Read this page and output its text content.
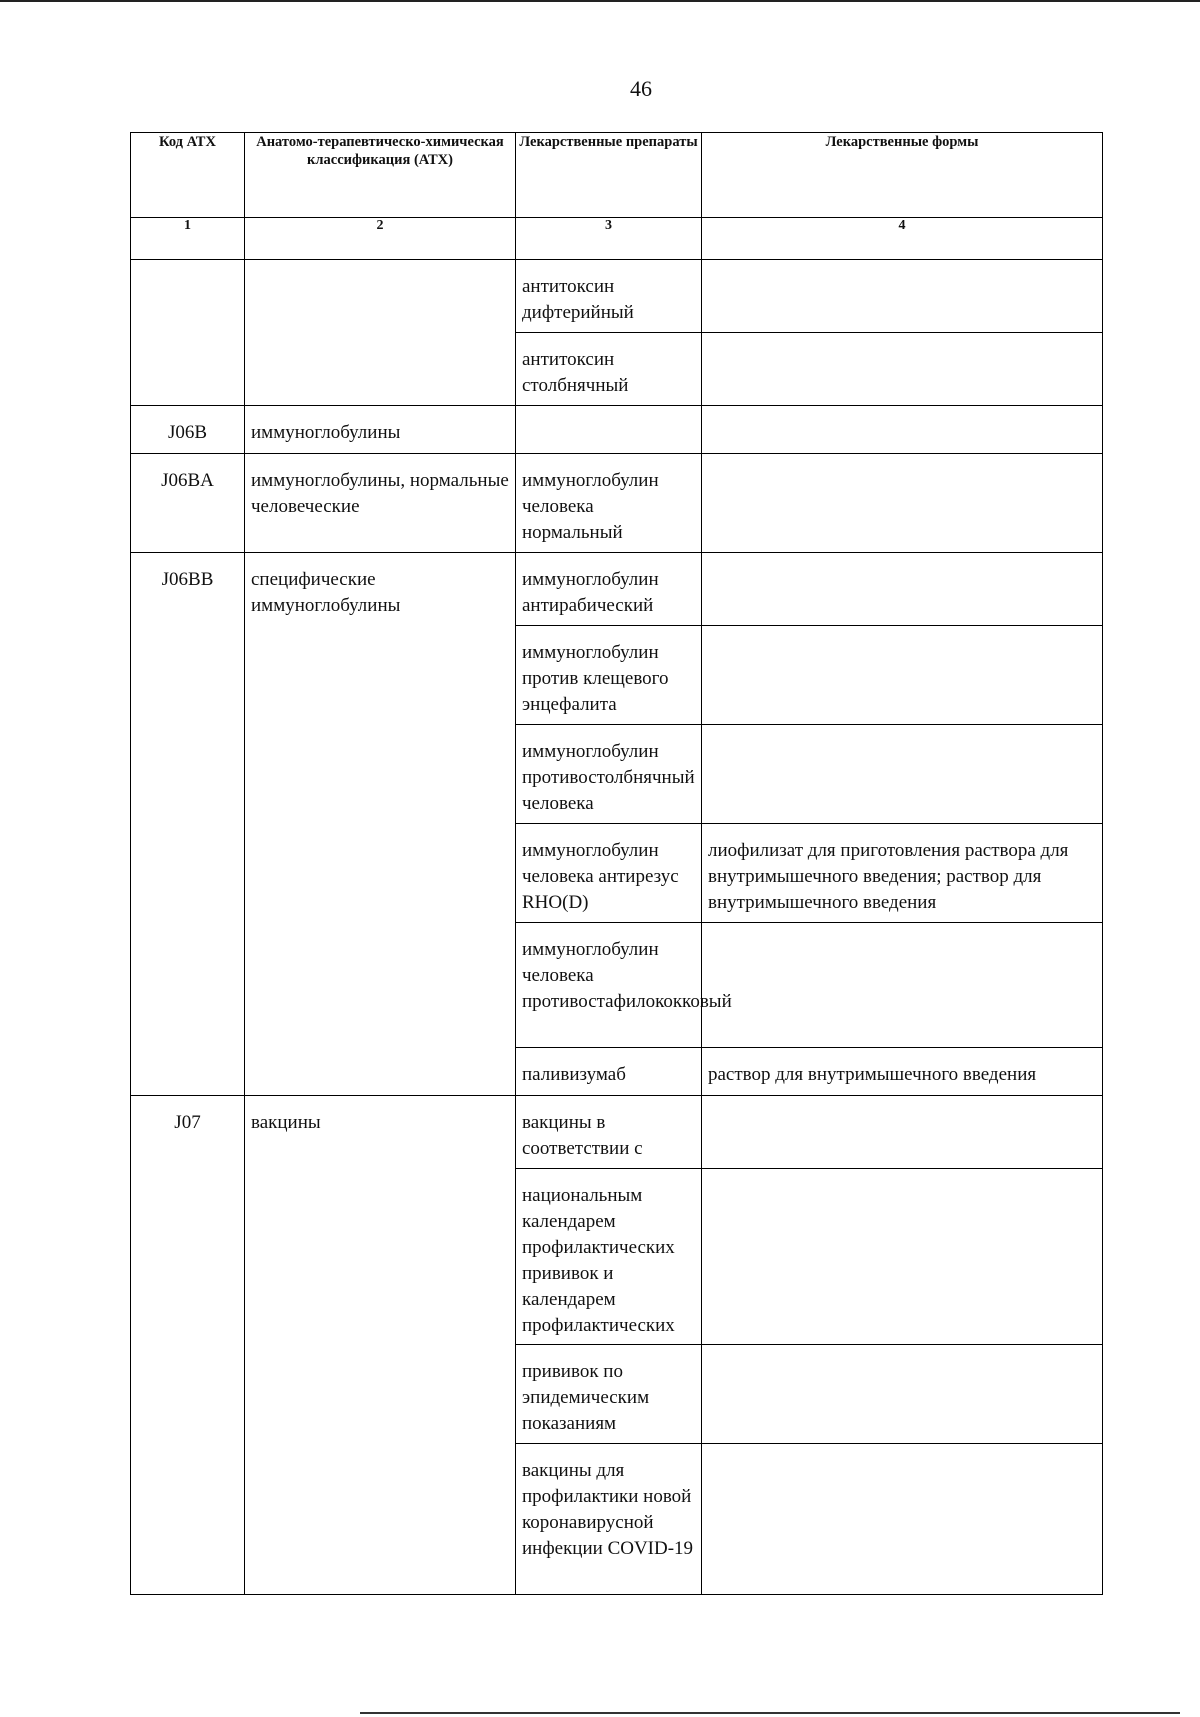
46
Код АТХ	Анатомо-терапевтическо-химическая классификация (АТХ)	Лекарственные препараты	Лекарственные формы
1	2	3	4

		антитоксин дифтерийный	

		антитоксин столбнячный	

J06B	иммуноглобулины		

J06BA	иммуноглобулины, нормальные человеческие	иммуноглобулин человека нормальный	

J06BB	специфические иммуноглобулины	иммуноглобулин антирабический	

		иммуноглобулин против клещевого энцефалита	

		иммуноглобулин противостолбнячный человека	

		иммуноглобулин человека антирезус RHO(D)	лиофилизат для приготовления раствора для внутримышечного введения; раствор для внутримышечного введения

		иммуноглобулин человека противостафилококковый	

		паливизумаб	раствор для внутримышечного введения

J07	вакцины	вакцины в соответствии с	

		национальным календарем профилактических прививок и календарем профилактических	

		прививок по эпидемическим показаниям	

		вакцины для профилактики новой коронавирусной инфекции COVID-19	
